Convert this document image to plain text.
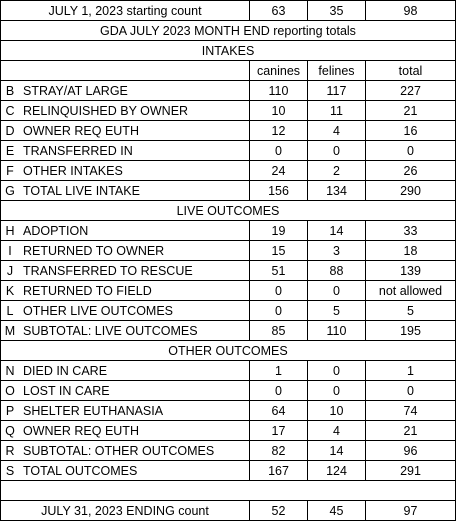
JULY 1, 2023 starting count	63	35	98
GDA JULY 2023 MONTH END reporting totals
INTAKES
canines	felines	total
B STRAY/AT LARGE	110	117	227
C RELINQUISHED BY OWNER	10	11	21
D OWNER REQ EUTH	12	4	16
E TRANSFERRED IN	0	0	0
F OTHER INTAKES	24	2	26
G TOTAL LIVE INTAKE	156	134	290
LIVE OUTCOMES
H ADOPTION	19	14	33
I RETURNED TO OWNER	15	3	18
J TRANSFERRED TO RESCUE	51	88	139
K RETURNED TO FIELD	0	0	not allowed
L OTHER LIVE OUTCOMES	0	5	5
M SUBTOTAL: LIVE OUTCOMES	85	110	195
OTHER OUTCOMES
N DIED IN CARE	1	0	1
O LOST IN CARE	0	0	0
P SHELTER EUTHANASIA	64	10	74
Q OWNER REQ EUTH	17	4	21
R SUBTOTAL: OTHER OUTCOMES	82	14	96
S TOTAL OUTCOMES	167	124	291
JULY 31, 2023 ENDING count	52	45	97
